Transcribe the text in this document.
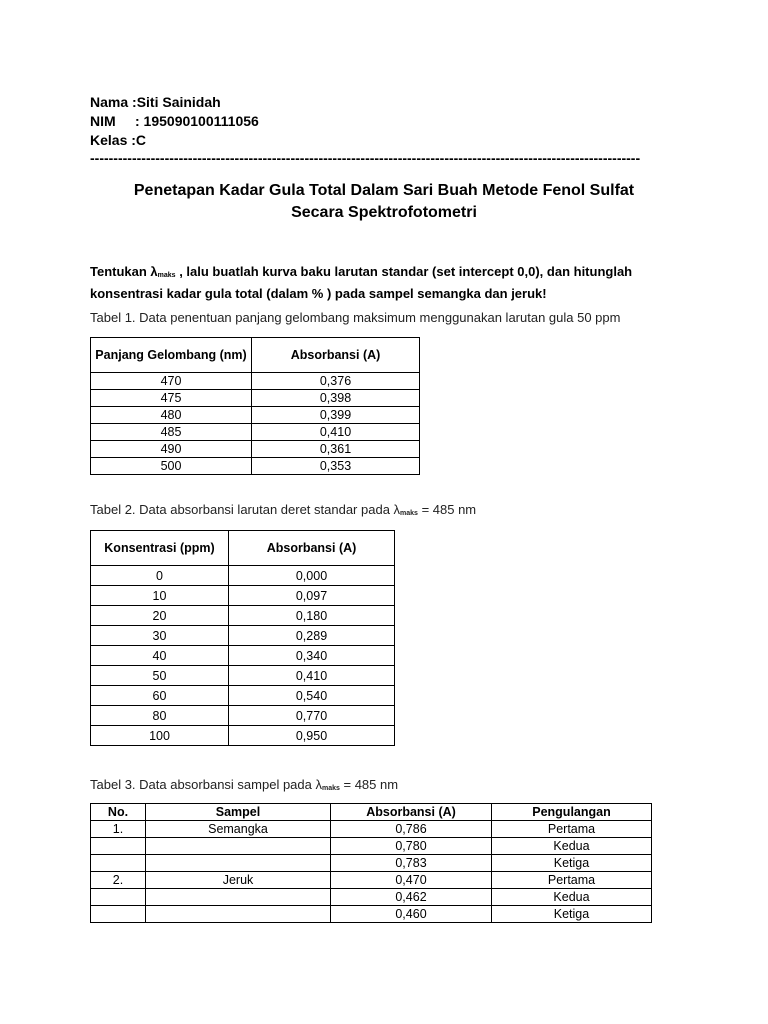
Nama : Siti Sainidah
NIM	: 195090100111056
Kelas : C
----------------------------------------------------------------------------------------------------------------------
Penetapan Kadar Gula Total Dalam Sari Buah Metode Fenol Sulfat
Secara Spektrofotometri
Tentukan λmaks , lalu buatlah kurva baku larutan standar (set intercept 0,0), dan hitunglah konsentrasi kadar gula total (dalam % ) pada sampel semangka dan jeruk!
Tabel 1. Data penentuan panjang gelombang maksimum menggunakan larutan gula 50 ppm
Panjang Gelombang (nm)	Absorbansi (A)
470	0,376
475	0,398
480	0,399
485	0,410
490	0,361
500	0,353
Tabel 2. Data absorbansi larutan deret standar pada λmaks = 485 nm
Konsentrasi (ppm)	Absorbansi (A)
0	0,000
10	0,097
20	0,180
30	0,289
40	0,340
50	0,410
60	0,540
80	0,770
100	0,950
Tabel 3. Data absorbansi sampel pada λmaks = 485 nm
No.	Sampel	Absorbansi (A)	Pengulangan
1.	Semangka	0,786	Pertama
		0,780	Kedua
		0,783	Ketiga
2.	Jeruk	0,470	Pertama
		0,462	Kedua
		0,460	Ketiga
